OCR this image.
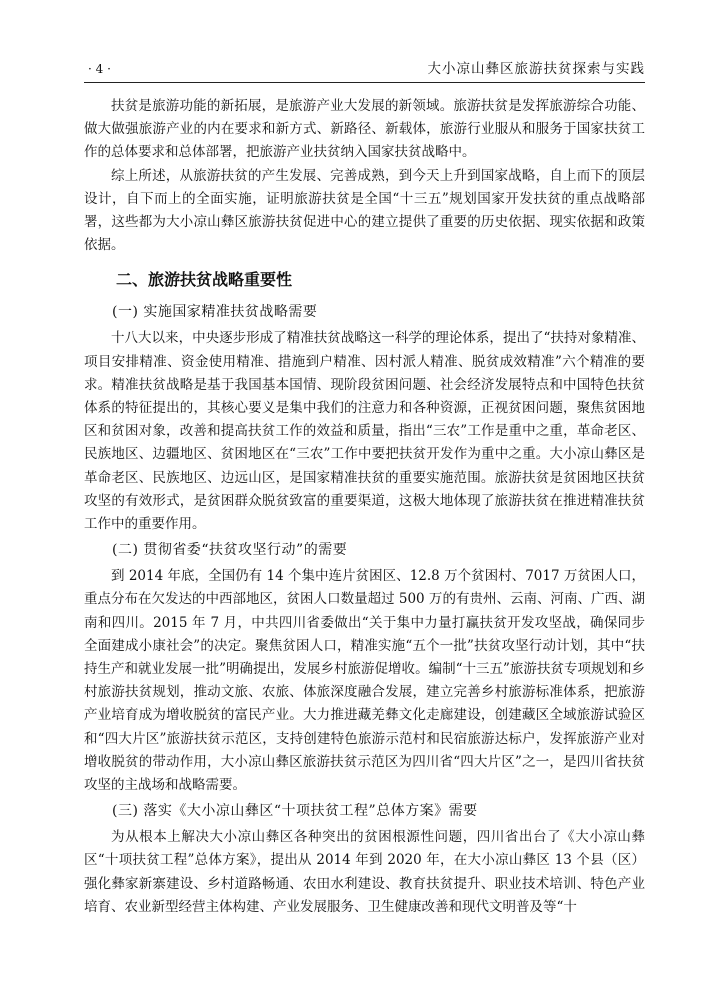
· 4 ·	大小凉山彝区旅游扶贫探索与实践

扶贫是旅游功能的新拓展，是旅游产业大发展的新领域。旅游扶贫是发挥旅游综合功能、做大做强旅游产业的内在要求和新方式、新路径、新载体，旅游行业服从和服务于国家扶贫工作的总体要求和总体部署，把旅游产业扶贫纳入国家扶贫战略中。

综上所述，从旅游扶贫的产生发展、完善成熟，到今天上升到国家战略，自上而下的顶层设计，自下而上的全面实施，证明旅游扶贫是全国“十三五”规划国家开发扶贫的重点战略部署，这些都为大小凉山彝区旅游扶贫促进中心的建立提供了重要的历史依据、现实依据和政策依据。

二、旅游扶贫战略重要性
(一) 实施国家精准扶贫战略需要

十八大以来，中央逐步形成了精准扶贫战略这一科学的理论体系，提出了“扶持对象精准、项目安排精准、资金使用精准、措施到户精准、因村派人精准、脱贫成效精准”六个精准的要求。精准扶贫战略是基于我国基本国情、现阶段贫困问题、社会经济发展特点和中国特色扶贫体系的特征提出的，其核心要义是集中我们的注意力和各种资源，正视贫困问题，聚焦贫困地区和贫困对象，改善和提高扶贫工作的效益和质量，指出“三农”工作是重中之重，革命老区、民族地区、边疆地区、贫困地区在“三农”工作中要把扶贫开发作为重中之重。大小凉山彝区是革命老区、民族地区、边远山区，是国家精准扶贫的重要实施范围。旅游扶贫是贫困地区扶贫攻坚的有效形式，是贫困群众脱贫致富的重要渠道，这极大地体现了旅游扶贫在推进精准扶贫工作中的重要作用。

(二) 贯彻省委“扶贫攻坚行动”的需要

到 2014 年底，全国仍有 14 个集中连片贫困区、12.8 万个贫困村、7017 万贫困人口，重点分布在欠发达的中西部地区，贫困人口数量超过 500 万的有贵州、云南、河南、广西、湖南和四川。2015 年 7 月，中共四川省委做出“关于集中力量打赢扶贫开发攻坚战，确保同步全面建成小康社会”的决定。聚焦贫困人口，精准实施“五个一批”扶贫攻坚行动计划，其中“扶持生产和就业发展一批”明确提出，发展乡村旅游促增收。编制“十三五”旅游扶贫专项规划和乡村旅游扶贫规划，推动文旅、农旅、体旅深度融合发展，建立完善乡村旅游标准体系，把旅游产业培育成为增收脱贫的富民产业。大力推进藏羌彝文化走廊建设，创建藏区全域旅游试验区和“四大片区”旅游扶贫示范区，支持创建特色旅游示范村和民宿旅游达标户，发挥旅游产业对增收脱贫的带动作用，大小凉山彝区旅游扶贫示范区为四川省“四大片区”之一，是四川省扶贫攻坚的主战场和战略需要。

(三) 落实《大小凉山彝区“十项扶贫工程”总体方案》需要

为从根本上解决大小凉山彝区各种突出的贫困根源性问题，四川省出台了《大小凉山彝区“十项扶贫工程”总体方案》，提出从 2014 年到 2020 年，在大小凉山彝区 13 个县（区）强化彝家新寨建设、乡村道路畅通、农田水利建设、教育扶贫提升、职业技术培训、特色产业培育、农业新型经营主体构建、产业发展服务、卫生健康改善和现代文明普及等“十
